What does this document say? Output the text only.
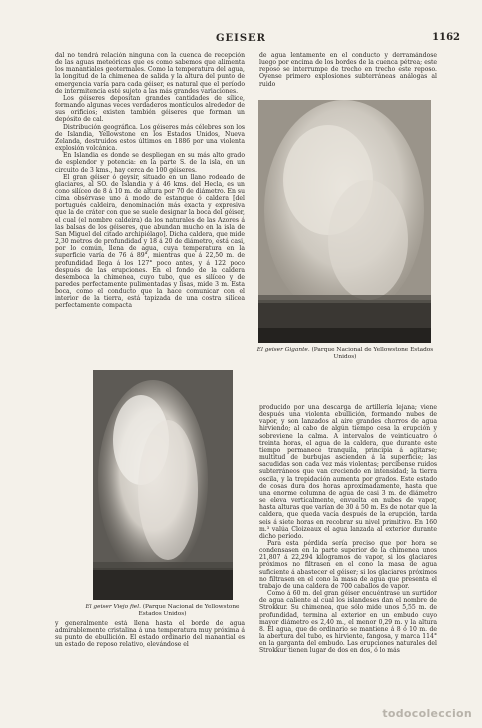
GEISER	1162

dal no tendrá relación ninguna con la cuenca de recepción de las aguas meteóricas que es como sabemos que alimenta los manantiales geotermales. Como la temperatura del agua, la longitud de la chimenea de salida y la altura del punto de emergencia varía para cada géiser, es natural que el período de intermitencia esté sujeto a las más grandes variaciones.

Los géiseres depositan grandes cantidades de sílice, formando algunas veces verdaderos montículos alrededor de sus orificios; existen también géiseres que forman un depósito de cal.

Distribución geográfica. Los géiseres más célebres son los de Islandia, Yellowstone en los Estados Unidos, Nueva Zelanda, destruidos estos últimos en 1886 por una violenta explosión volcánica.

En Islandia es donde se despliegan en su más alto grado de esplendor y potencia: en la parte S. de la isla, en un circuito de 3 kms., hay cerca de 100 géiseres.

El gran géiser ó geysir, situado en un llano rodeado de glaciares, al SO. de Islandia y á 46 kms. del Hecla, es un cono silíceo de 8 á 10 m. de altura por 70 de diámetro. En su cima obsérvase uno á modo de estanque ó caldera [del portugués caldeira, denominación más exacta y expresiva que la de cráter con que se suele designar la boca del géiser, el cual (el nombre caldeira) da los naturales de las Azores á las balsas de los géiseres, que abundan mucho en la isla de San Miguel del citado archipiélago]. Dicha caldera, que mide 2,30 metros de profundidad y 18 á 20 de diámetro, está casi, por lo común, llena de agua, cuya temperatura en la superficie varía de 76 á 89°, mientras que á 22,50 m. de profundidad llega á los 127° poco antes, y á 122 poco después de las erupciones. En el fondo de la caldera desemboca la chimenea, cuyo tubo, que es silíceo y de paredes perfectamente pulimentadas y lisas, mide 3 m. Esta boca, como el conducto que la hace comunicar con el interior de la tierra, está tapizada de una costra silícea perfectamente compacta

de agua lentamente en el conducto y derramándose luego por encima de los bordes de la cuenca pétrea; este reposo se interrumpe de trecho en trecho este reposo. Oyense primero explosiones subterráneas análogas al ruido

El geiser Gigante. (Parque Nacional de Yellowstone Estados Unidos)
El geiser Viejo fiel. (Parque Nacional de Yellowstone Estados Unidos)

producido por una descarga de artillería lejana; viene después una violenta ebullición, formando nubes de vapor, y son lanzados al aire grandes chorros de agua hirviendo; al cabo de algún tiempo cesa la erupción y sobreviene la calma. A intervalos de veinticuatro ó treinta horas, el agua de la caldera, que durante este tiempo permanece tranquila, principia á agitarse; multitud de burbujas ascienden á la superficie; las sacudidas son cada vez más violentas; percíbense ruidos subterráneos que van creciendo en intensidad; la tierra oscila, y la trepidación aumenta por grados. Este estado de cosas dura dos horas aproximadamente, hasta que una enorme columna de agua de casi 3 m. de diámetro se eleva verticalmente, envuelta en nubes de vapor, hasta alturas que varían de 30 á 50 m. Es de notar que la caldera, que queda vacía después de la erupción, tarda seis á siete horas en recobrar su nivel primitivo. En 160 m.³ valúa Cloizeaux el agua lanzada al exterior durante dicho período.

Para esta pérdida sería preciso que por hora se condensasen en la parte superior de la chimenea unos 21,807 á 22,294 kilogramos de vapor, si los glaciares próximos no filtrasen en el cono la masa de agua suficiente á abastecer el géiser; si los glaciares próximos no filtrasen en el cono la masa de agua que presenta el trabajo de una caldera de 700 caballos de vapor.

Como á 60 m. del gran géiser encuéntrase un surtidor de agua caliente al cual los islandeses dan el nombre de Strokkur. Su chimenea, que sólo mide unos 5,55 m. de profundidad, termina al exterior en un embudo cuyo mayor diámetro es 2,40 m., el menor 0,29 m. y la altura 8. El agua, que de ordinario se mantiene á 8 ó 10 m. de la abertura del tubo, es hirviente, fangosa, y marca 114° en la garganta del embudo. Las erupciones naturales del Strokkur tienen lugar de dos en dos, ó lo más

y generalmente está llena hasta el borde de agua admirablemente cristalina á una temperatura muy próxima á su punto de ebullición. El estado ordinario del manantial es un estado de reposo relativo, elevándose el

todocoleccion
